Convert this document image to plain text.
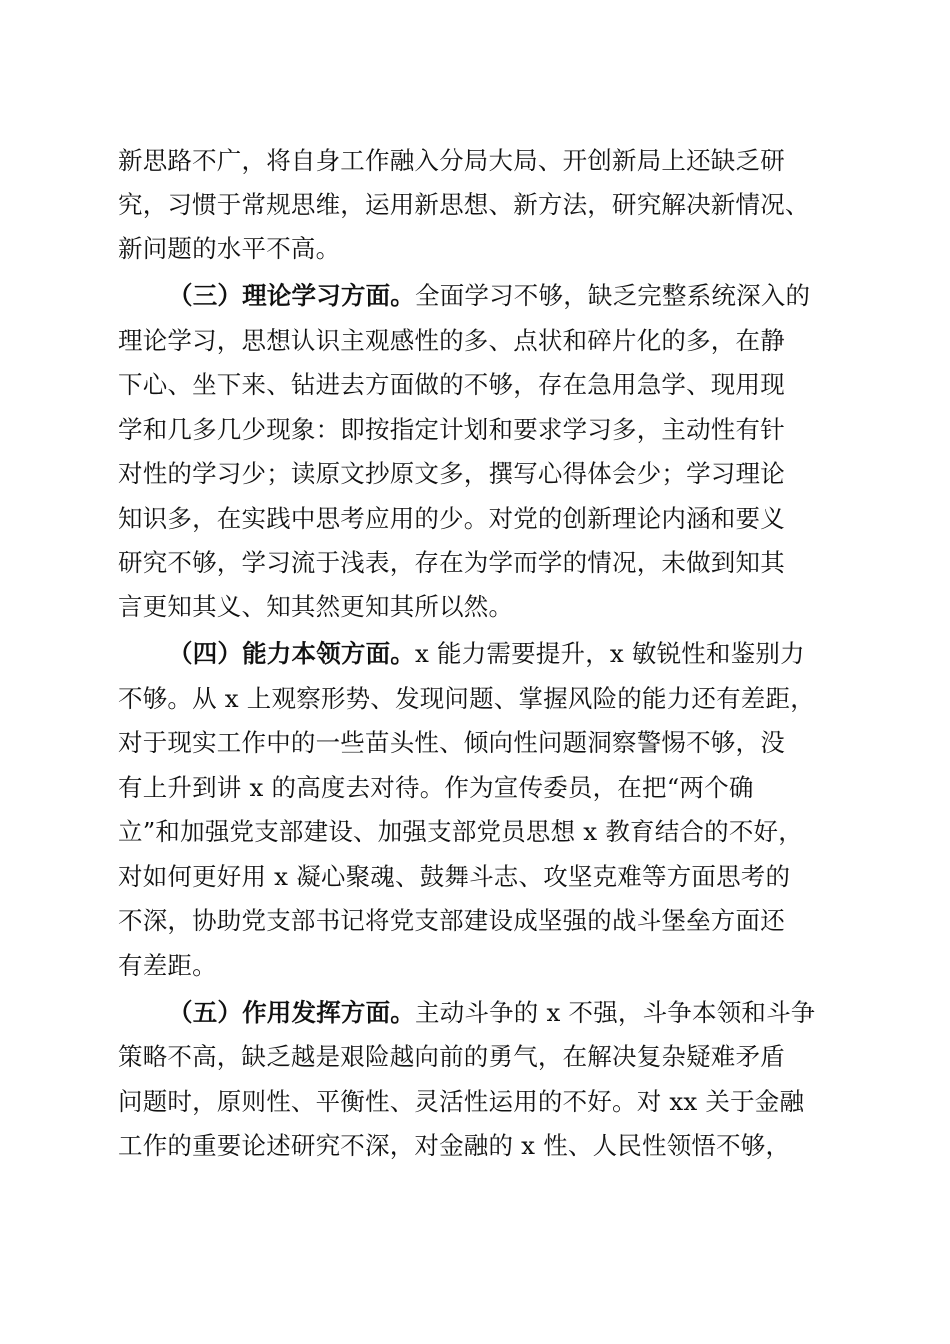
新思路不广，将自身工作融入分局大局、开创新局上还缺乏研
究，习惯于常规思维，运用新思想、新方法，研究解决新情况、
新问题的水平不高。
（三）理论学习方面。全面学习不够，缺乏完整系统深入的
理论学习，思想认识主观感性的多、点状和碎片化的多，在静
下心、坐下来、钻进去方面做的不够，存在急用急学、现用现
学和几多几少现象：即按指定计划和要求学习多，主动性有针
对性的学习少；读原文抄原文多，撰写心得体会少；学习理论
知识多，在实践中思考应用的少。对党的创新理论内涵和要义
研究不够，学习流于浅表，存在为学而学的情况，未做到知其
言更知其义、知其然更知其所以然。
（四）能力本领方面。x 能力需要提升，x 敏锐性和鉴别力
不够。从 x 上观察形势、发现问题、掌握风险的能力还有差距，
对于现实工作中的一些苗头性、倾向性问题洞察警惕不够，没
有上升到讲 x 的高度去对待。作为宣传委员，在把“两个确
立”和加强党支部建设、加强支部党员思想 x 教育结合的不好，
对如何更好用 x 凝心聚魂、鼓舞斗志、攻坚克难等方面思考的
不深，协助党支部书记将党支部建设成坚强的战斗堡垒方面还
有差距。
（五）作用发挥方面。主动斗争的 x 不强，斗争本领和斗争
策略不高，缺乏越是艰险越向前的勇气，在解决复杂疑难矛盾
问题时，原则性、平衡性、灵活性运用的不好。对 xx 关于金融
工作的重要论述研究不深，对金融的 x 性、人民性领悟不够，
